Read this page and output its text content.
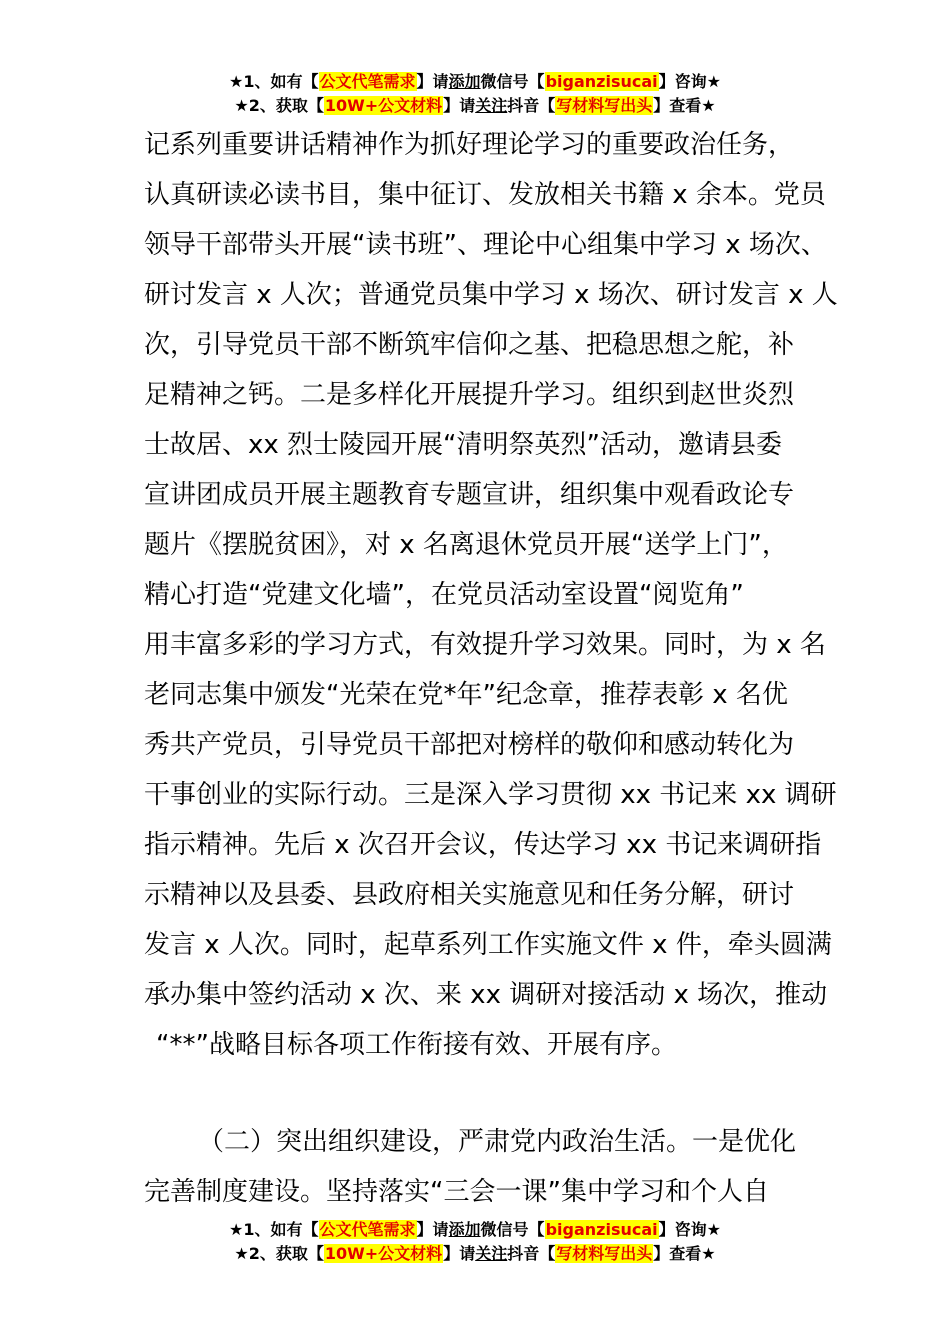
★1、如有【公文代笔需求】请添加微信号【biganzisucai】咨询★
★2、获取【10W+公文材料】请关注抖音【写材料写出头】查看★
记系列重要讲话精神作为抓好理论学习的重要政治任务，
认真研读必读书目，集中征订、发放相关书籍 x 余本。党员
领导干部带头开展“读书班”、理论中心组集中学习 x 场次、
研讨发言 x 人次；普通党员集中学习 x 场次、研讨发言 x 人
次，引导党员干部不断筑牢信仰之基、把稳思想之舵，补
足精神之钙。二是多样化开展提升学习。组织到赵世炎烈
士故居、xx 烈士陵园开展“清明祭英烈”活动，邀请县委
宣讲团成员开展主题教育专题宣讲，组织集中观看政论专
题片《摆脱贫困》，对 x 名离退休党员开展“送学上门”，
精心打造“党建文化墙”，在党员活动室设置“阅览角”
用丰富多彩的学习方式，有效提升学习效果。同时，为 x 名
老同志集中颁发“光荣在党*年”纪念章，推荐表彰 x 名优
秀共产党员，引导党员干部把对榜样的敬仰和感动转化为
干事创业的实际行动。三是深入学习贯彻 xx 书记来 xx 调研
指示精神。先后 x 次召开会议，传达学习 xx 书记来调研指
示精神以及县委、县政府相关实施意见和任务分解，研讨
发言 x 人次。同时，起草系列工作实施文件 x 件，牵头圆满
承办集中签约活动 x 次、来 xx 调研对接活动 x 场次，推动
“**”战略目标各项工作衔接有效、开展有序。
（二）突出组织建设，严肃党内政治生活。一是优化
完善制度建设。坚持落实“三会一课”集中学习和个人自
★1、如有【公文代笔需求】请添加微信号【biganzisucai】咨询★
★2、获取【10W+公文材料】请关注抖音【写材料写出头】查看★
